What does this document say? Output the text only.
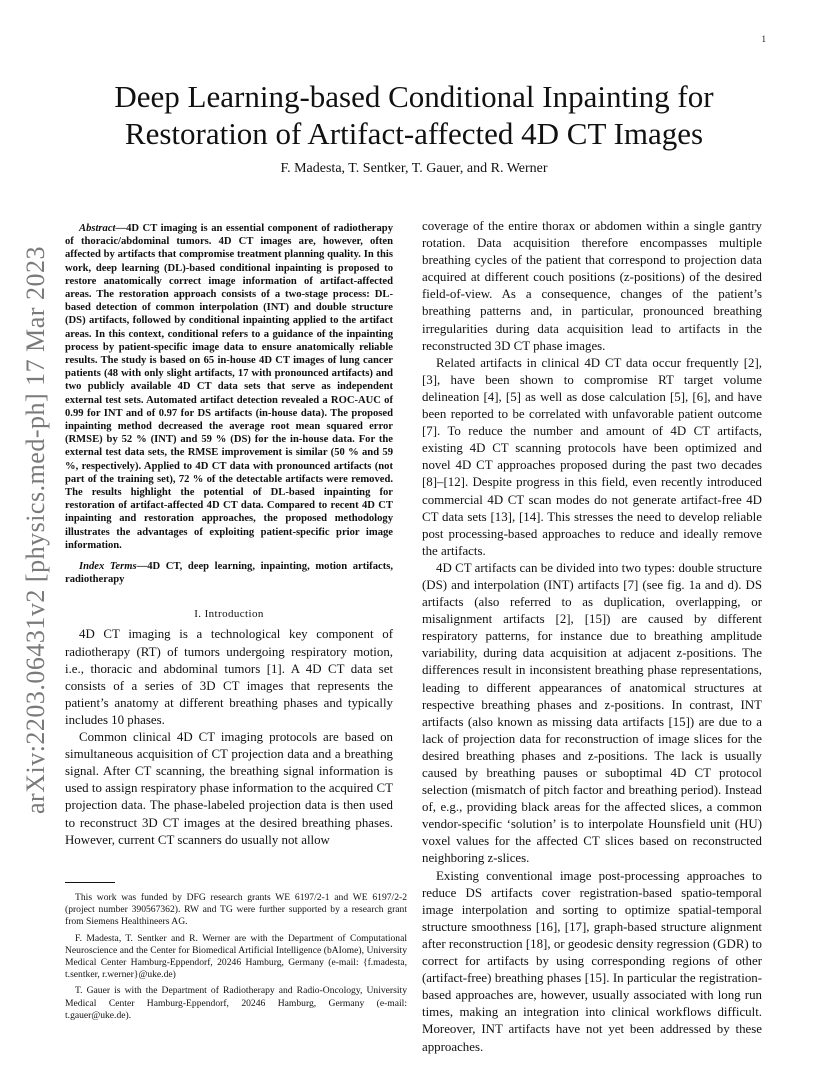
1
arXiv:2203.06431v2 [physics.med-ph] 17 Mar 2023
Deep Learning-based Conditional Inpainting for Restoration of Artifact-affected 4D CT Images
F. Madesta, T. Sentker, T. Gauer, and R. Werner

Abstract—4D CT imaging is an essential component of radiotherapy of thoracic/abdominal tumors. 4D CT images are, however, often affected by artifacts that compromise treatment planning quality. In this work, deep learning (DL)-based conditional inpainting is proposed to restore anatomically correct image information of artifact-affected areas. The restoration approach consists of a two-stage process: DL-based detection of common interpolation (INT) and double structure (DS) artifacts, followed by conditional inpainting applied to the artifact areas. In this context, conditional refers to a guidance of the inpainting process by patient-specific image data to ensure anatomically reliable results. The study is based on 65 in-house 4D CT images of lung cancer patients (48 with only slight artifacts, 17 with pronounced artifacts) and two publicly available 4D CT data sets that serve as independent external test sets. Automated artifact detection revealed a ROC-AUC of 0.99 for INT and of 0.97 for DS artifacts (in-house data). The proposed inpainting method decreased the average root mean squared error (RMSE) by 52 % (INT) and 59 % (DS) for the in-house data. For the external test data sets, the RMSE improvement is similar (50 % and 59 %, respectively). Applied to 4D CT data with pronounced artifacts (not part of the training set), 72 % of the detectable artifacts were removed. The results highlight the potential of DL-based inpainting for restoration of artifact-affected 4D CT data. Compared to recent 4D CT inpainting and restoration approaches, the proposed methodology illustrates the advantages of exploiting patient-specific prior image information.

Index Terms—4D CT, deep learning, inpainting, motion artifacts, radiotherapy

I. Introduction

4D CT imaging is a technological key component of radiotherapy (RT) of tumors undergoing respiratory motion, i.e., thoracic and abdominal tumors [1]. A 4D CT data set consists of a series of 3D CT images that represents the patient’s anatomy at different breathing phases and typically includes 10 phases.

Common clinical 4D CT imaging protocols are based on simultaneous acquisition of CT projection data and a breathing signal. After CT scanning, the breathing signal information is used to assign respiratory phase information to the acquired CT projection data. The phase-labeled projection data is then used to reconstruct 3D CT images at the desired breathing phases. However, current CT scanners do usually not allow

This work was funded by DFG research grants WE 6197/2-1 and WE 6197/2-2 (project number 390567362). RW and TG were further supported by a research grant from Siemens Healthineers AG.

F. Madesta, T. Sentker and R. Werner are with the Department of Computational Neuroscience and the Center for Biomedical Artificial Intelligence (bAIome), University Medical Center Hamburg-Eppendorf, 20246 Hamburg, Germany (e-mail: {f.madesta, t.sentker, r.werner}@uke.de)

T. Gauer is with the Department of Radiotherapy and Radio-Oncology, University Medical Center Hamburg-Eppendorf, 20246 Hamburg, Germany (e-mail: t.gauer@uke.de).

coverage of the entire thorax or abdomen within a single gantry rotation. Data acquisition therefore encompasses multiple breathing cycles of the patient that correspond to projection data acquired at different couch positions (z-positions) of the desired field-of-view. As a consequence, changes of the patient’s breathing patterns and, in particular, pronounced breathing irregularities during data acquisition lead to artifacts in the reconstructed 3D CT phase images.

Related artifacts in clinical 4D CT data occur frequently [2], [3], have been shown to compromise RT target volume delineation [4], [5] as well as dose calculation [5], [6], and have been reported to be correlated with unfavorable patient outcome [7]. To reduce the number and amount of 4D CT artifacts, existing 4D CT scanning protocols have been optimized and novel 4D CT approaches proposed during the past two decades [8]–[12]. Despite progress in this field, even recently introduced commercial 4D CT scan modes do not generate artifact-free 4D CT data sets [13], [14]. This stresses the need to develop reliable post processing-based approaches to reduce and ideally remove the artifacts.

4D CT artifacts can be divided into two types: double structure (DS) and interpolation (INT) artifacts [7] (see fig. 1a and d). DS artifacts (also referred to as duplication, overlapping, or misalignment artifacts [2], [15]) are caused by different respiratory patterns, for instance due to breathing amplitude variability, during data acquisition at adjacent z-positions. The differences result in inconsistent breathing phase representations, leading to different appearances of anatomical structures at respective breathing phases and z-positions. In contrast, INT artifacts (also known as missing data artifacts [15]) are due to a lack of projection data for reconstruction of image slices for the desired breathing phases and z-positions. The lack is usually caused by breathing pauses or suboptimal 4D CT protocol selection (mismatch of pitch factor and breathing period). Instead of, e.g., providing black areas for the affected slices, a common vendor-specific ‘solution’ is to interpolate Hounsfield unit (HU) voxel values for the affected CT slices based on reconstructed neighboring z-slices.

Existing conventional image post-processing approaches to reduce DS artifacts cover registration-based spatio-temporal image interpolation and sorting to optimize spatial-temporal structure smoothness [16], [17], graph-based structure alignment after reconstruction [18], or geodesic density regression (GDR) to correct for artifacts by using corresponding regions of other (artifact-free) breathing phases [15]. In particular the registration-based approaches are, however, usually associated with long run times, making an integration into clinical workflows difficult. Moreover, INT artifacts have not yet been addressed by these approaches.
